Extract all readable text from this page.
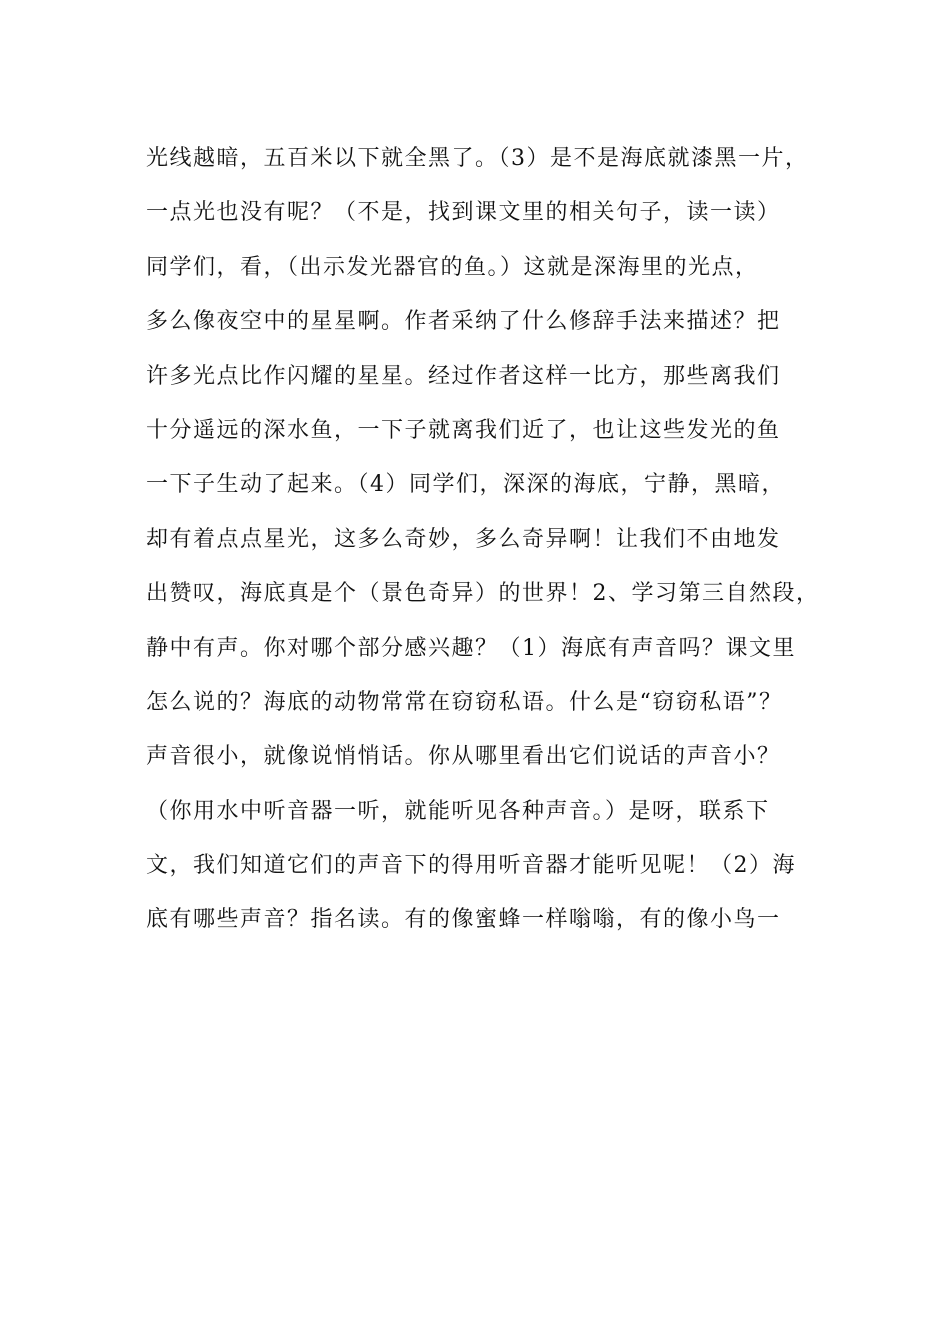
光线越暗，五百米以下就全黑了。（3）是不是海底就漆黑一片，
一点光也没有呢？（不是，找到课文里的相关句子，读一读）
同学们，看，（出示发光器官的鱼。）这就是深海里的光点，
多么像夜空中的星星啊。作者采纳了什么修辞手法来描述？把
许多光点比作闪耀的星星。经过作者这样一比方，那些离我们
十分遥远的深水鱼，一下子就离我们近了，也让这些发光的鱼
一下子生动了起来。（4）同学们，深深的海底，宁静，黑暗，
却有着点点星光，这多么奇妙，多么奇异啊！让我们不由地发
出赞叹，海底真是个（景色奇异）的世界！2、学习第三自然段，
静中有声。你对哪个部分感兴趣？（1）海底有声音吗？课文里
怎么说的？海底的动物常常在窃窃私语。什么是“窃窃私语”？
声音很小，就像说悄悄话。你从哪里看出它们说话的声音小？
（你用水中听音器一听，就能听见各种声音。）是呀，联系下
文，我们知道它们的声音下的得用听音器才能听见呢！（2）海
底有哪些声音？指名读。有的像蜜蜂一样嗡嗡，有的像小鸟一
